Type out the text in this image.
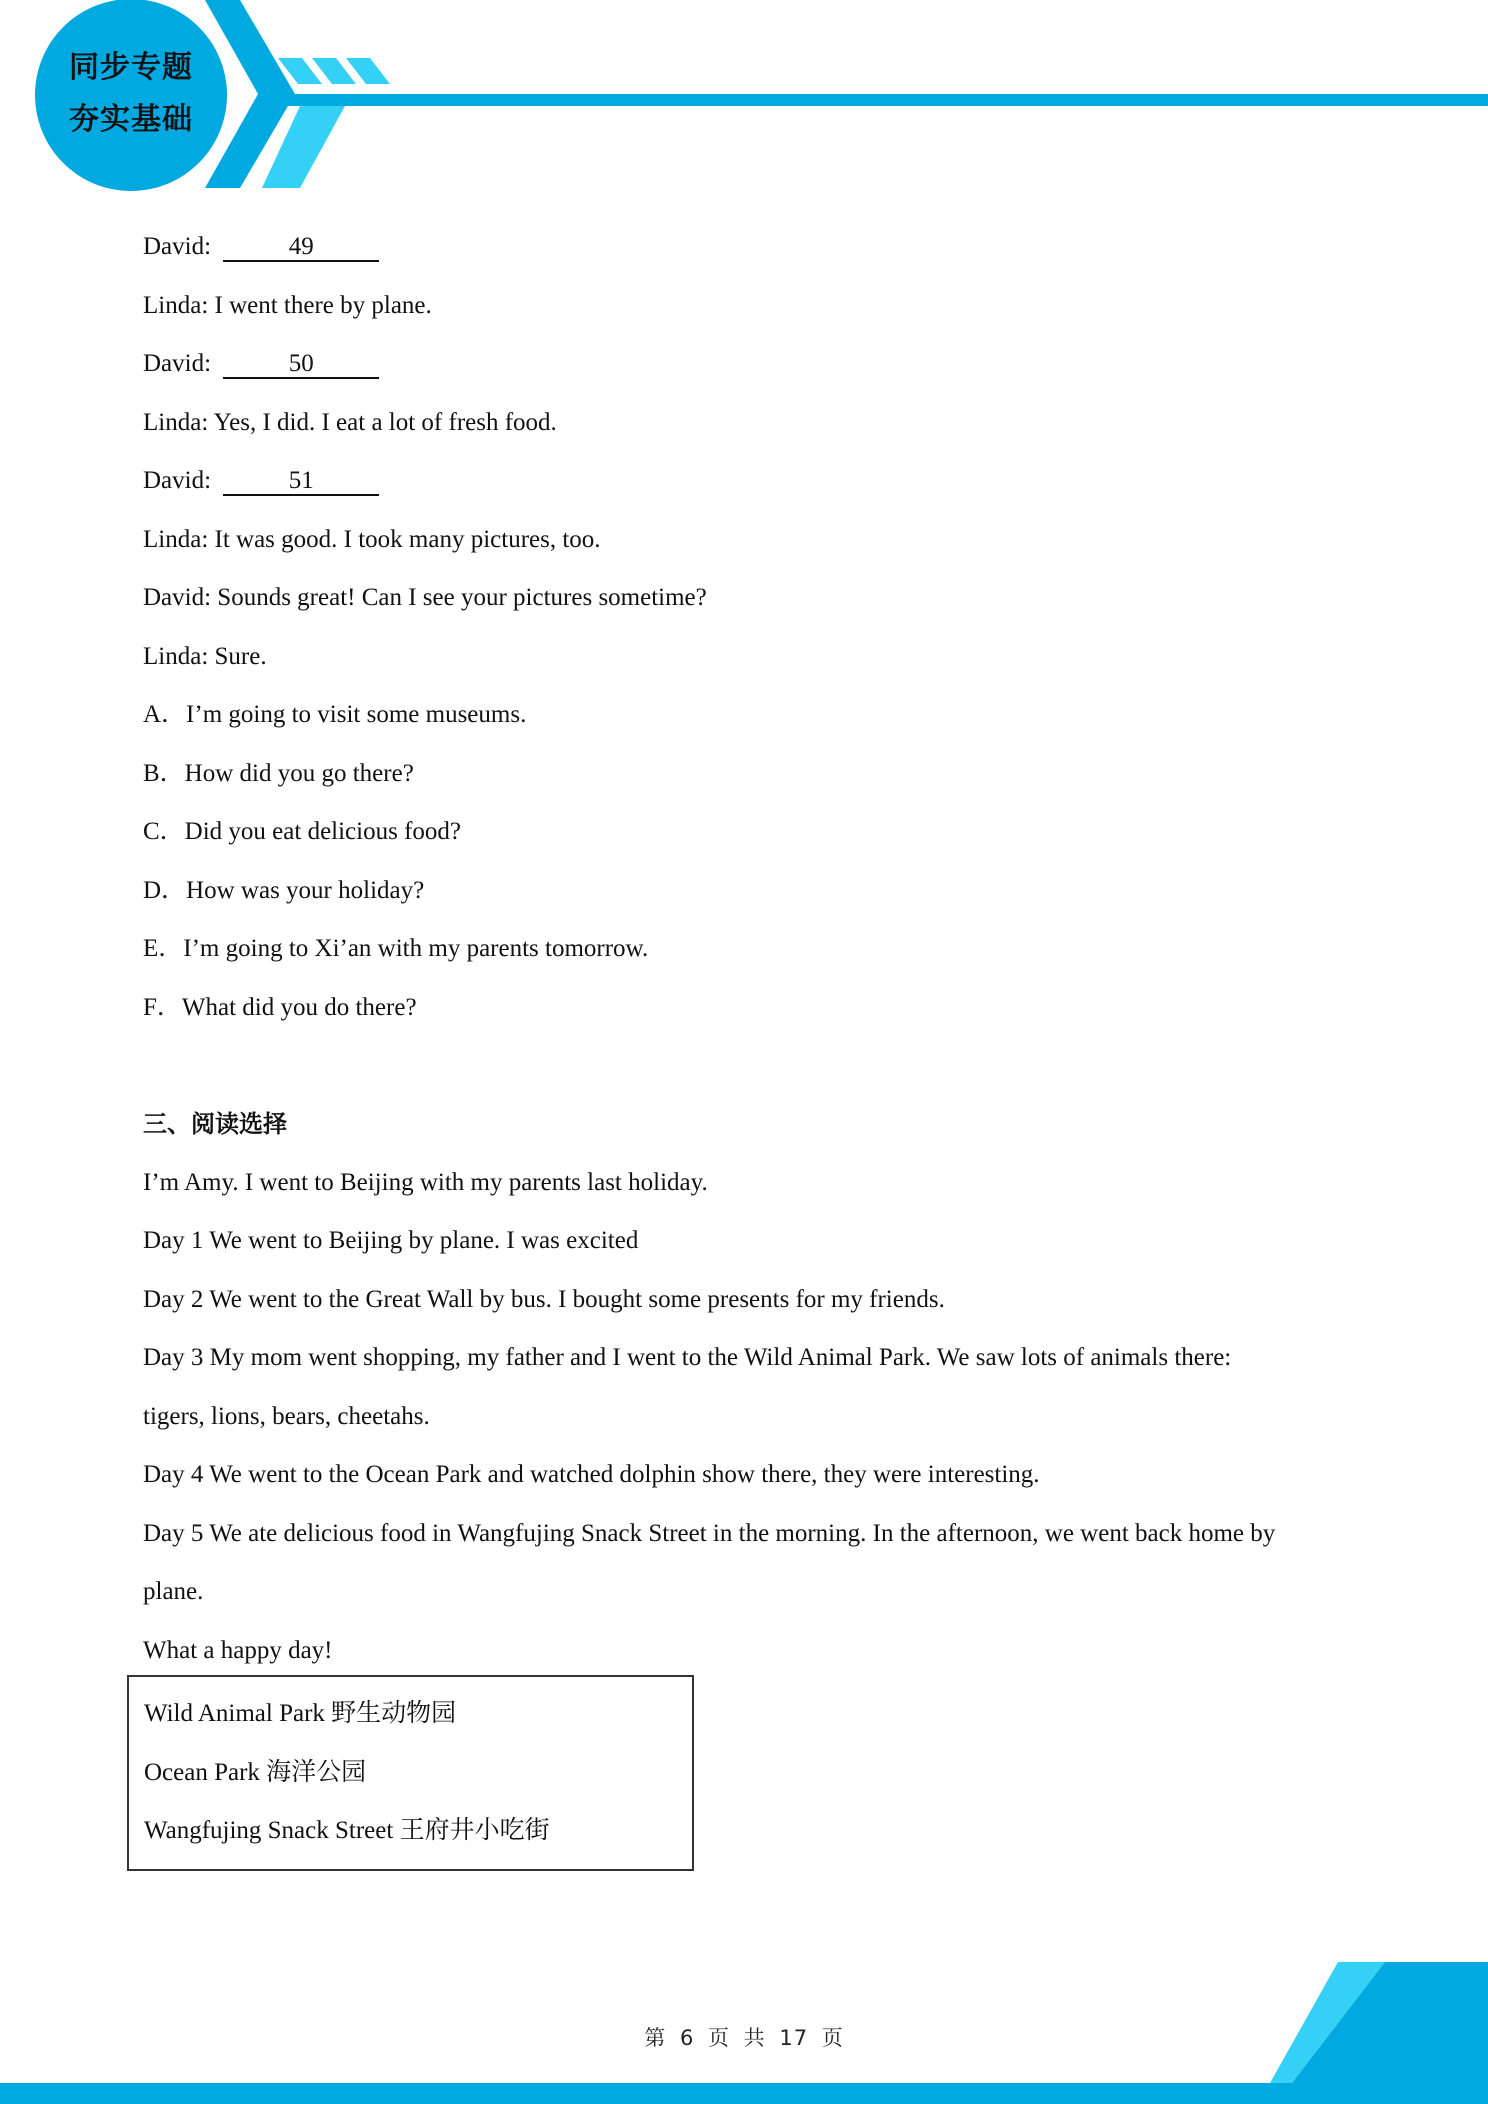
同步专题
夯实基础
David:	49
Linda: I went there by plane.
David:	50
Linda: Yes, I did. I eat a lot of fresh food.
David:	51
Linda: It was good. I took many pictures, too.
David: Sounds great! Can I see your pictures sometime?
Linda: Sure.
A．I’m going to visit some museums.
B．How did you go there?
C．Did you eat delicious food?
D．How was your holiday?
E．I’m going to Xi’an with my parents tomorrow.
F．What did you do there?
三、阅读选择
I’m Amy. I went to Beijing with my parents last holiday.
Day 1 We went to Beijing by plane. I was excited
Day 2 We went to the Great Wall by bus. I bought some presents for my friends.
Day 3 My mom went shopping, my father and I went to the Wild Animal Park. We saw lots of animals there:
tigers, lions, bears, cheetahs.
Day 4 We went to the Ocean Park and watched dolphin show there, they were interesting.
Day 5 We ate delicious food in Wangfujing Snack Street in the morning. In the afternoon, we went back home by
plane.
What a happy day!
Wild Animal Park 野生动物园
Ocean Park 海洋公园
Wangfujing Snack Street 王府井小吃街
第 6 页 共 17 页
